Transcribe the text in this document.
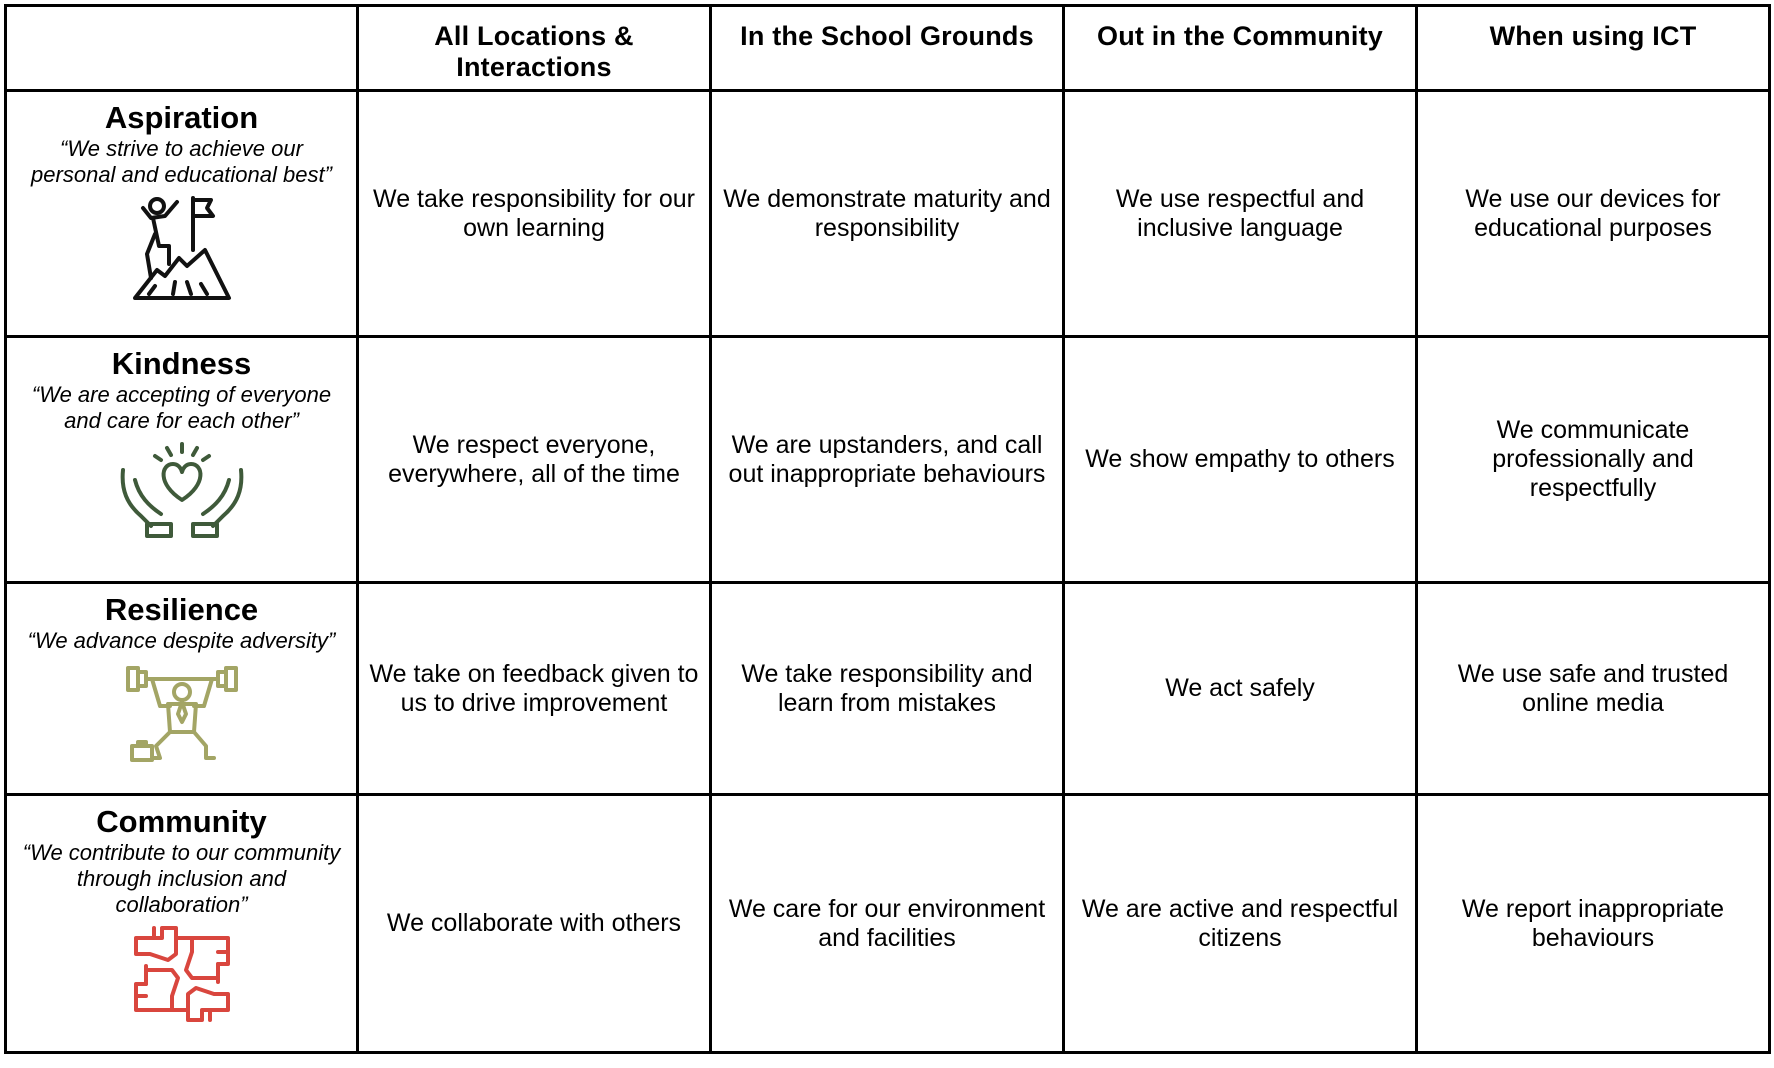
	All Locations & Interactions	In the School Grounds	Out in the Community	When using ICT

Aspiration
“We strive to achieve our personal and educational best”	We take responsibility for our own learning	We demonstrate maturity and responsibility	We use respectful and inclusive language	We use our devices for educational purposes

Kindness
“We are accepting of everyone and care for each other”	We respect everyone, everywhere, all of the time	We are upstanders, and call out inappropriate behaviours	We show empathy to others	We communicate professionally and respectfully

Resilience
“We advance despite adversity”	We take on feedback given to us to drive improvement	We take responsibility and learn from mistakes	We act safely	We use safe and trusted online media

Community
“We contribute to our community through inclusion and collaboration”	We collaborate with others	We care for our environment and facilities	We are active and respectful citizens	We report inappropriate behaviours
